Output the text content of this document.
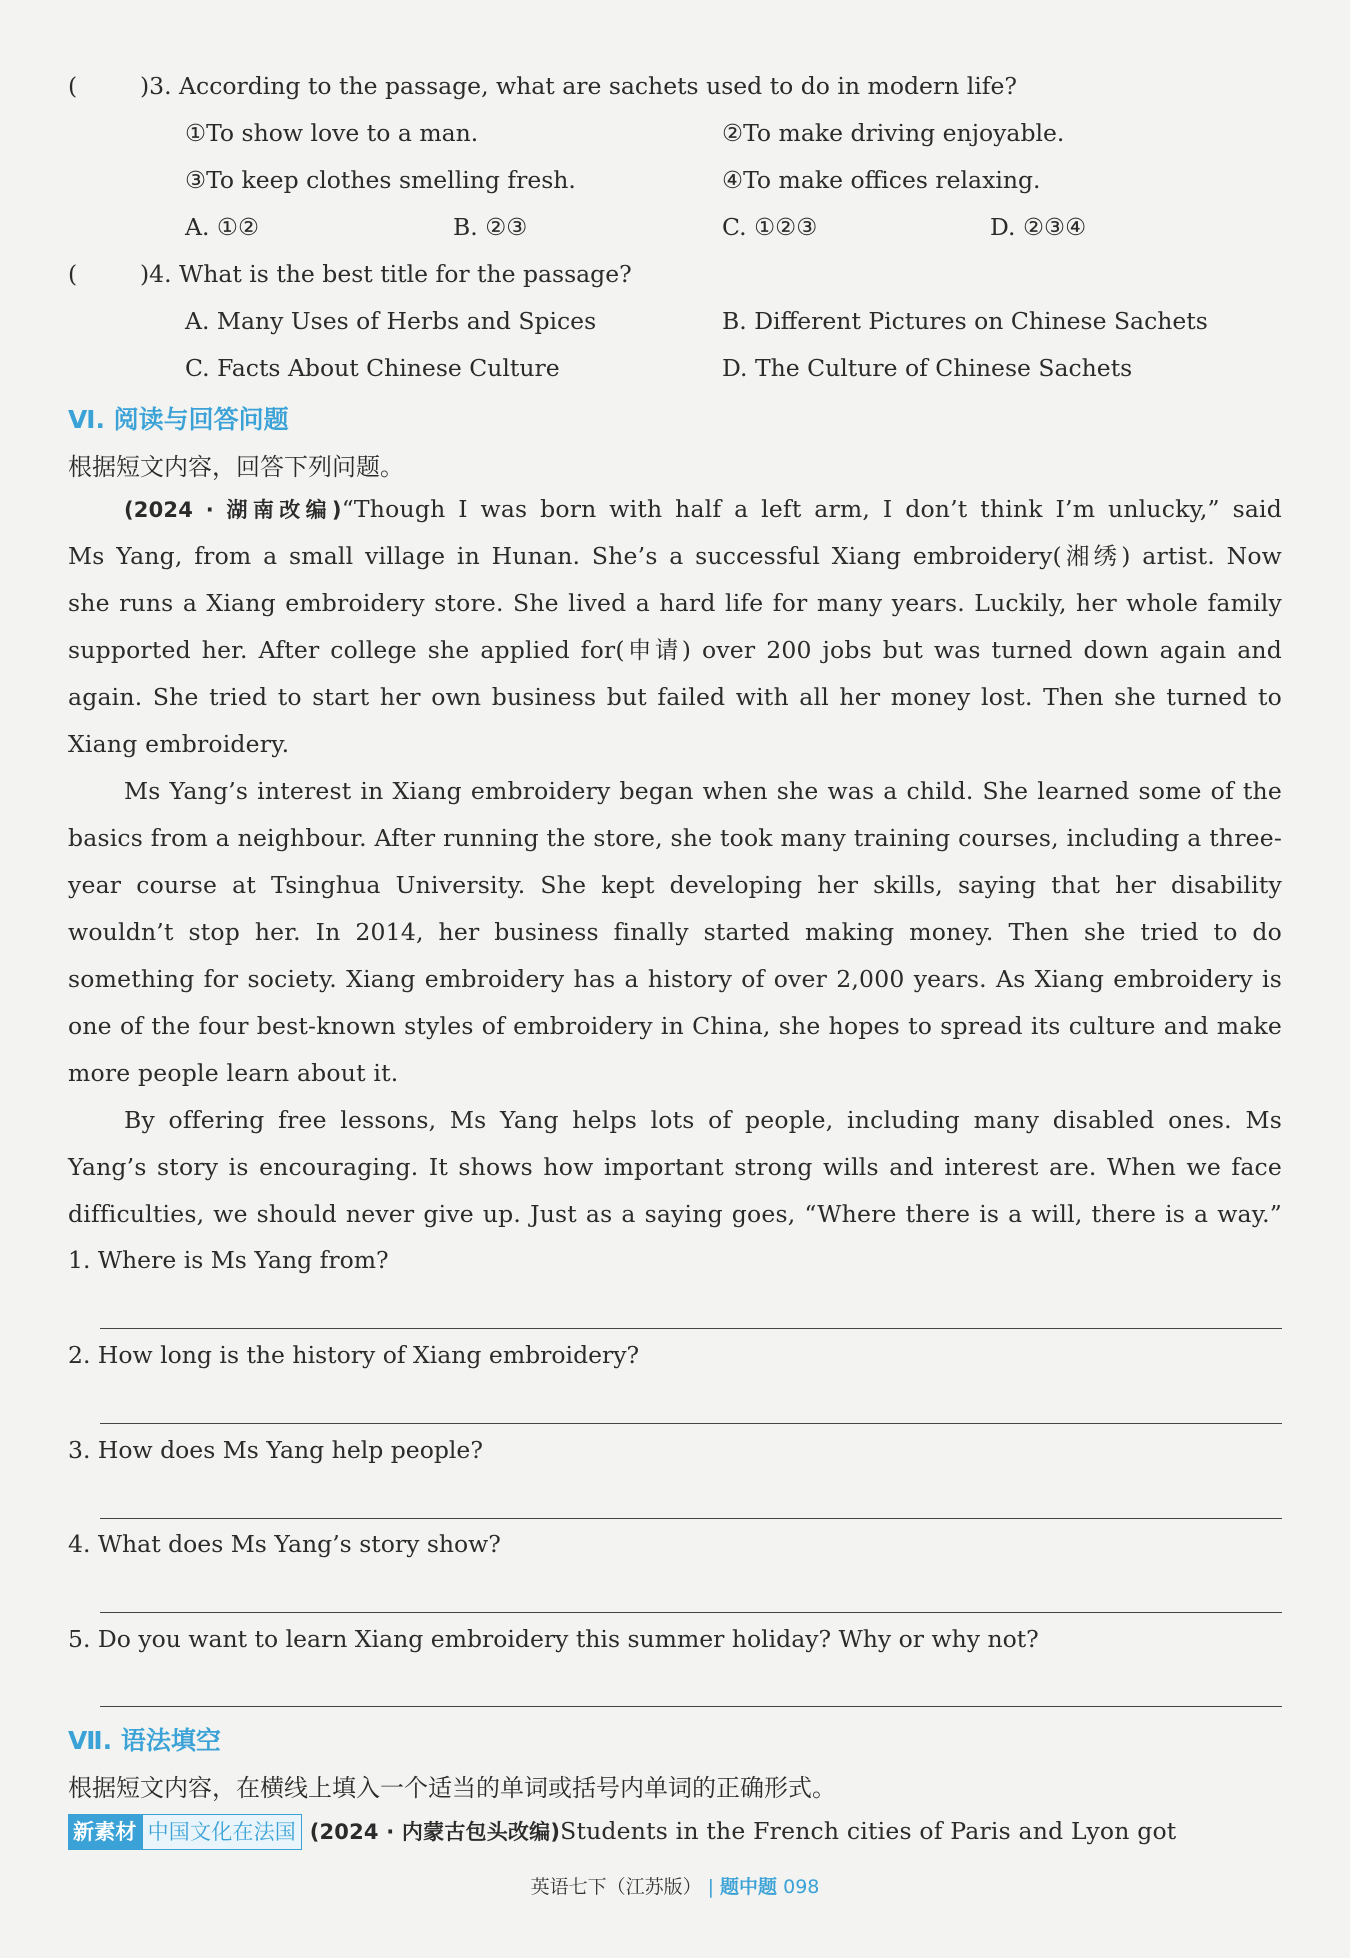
(	)3. According to the passage, what are sachets used to do in modern life?
①To show love to a man.	②To make driving enjoyable.
③To keep clothes smelling fresh.	④To make offices relaxing.
A. ①②	B. ②③	C. ①②③	D. ②③④
(	)4. What is the best title for the passage?
A. Many Uses of Herbs and Spices	B. Different Pictures on Chinese Sachets
C. Facts About Chinese Culture	D. The Culture of Chinese Sachets
Ⅵ. 阅读与回答问题
根据短文内容，回答下列问题。
(2024 · 湖南改编)“Though I was born with half a left arm, I don’t think I’m unlucky,” said
Ms Yang, from a small village in Hunan. She’s a successful Xiang embroidery(湘绣) artist. Now
she runs a Xiang embroidery store. She lived a hard life for many years. Luckily, her whole family
supported her. After college she applied for(申请) over 200 jobs but was turned down again and
again. She tried to start her own business but failed with all her money lost. Then she turned to
Xiang embroidery.
Ms Yang’s interest in Xiang embroidery began when she was a child. She learned some of the
basics from a neighbour. After running the store, she took many training courses, including a three-
year course at Tsinghua University. She kept developing her skills, saying that her disability
wouldn’t stop her. In 2014, her business finally started making money. Then she tried to do
something for society. Xiang embroidery has a history of over 2,000 years. As Xiang embroidery is
one of the four best-known styles of embroidery in China, she hopes to spread its culture and make
more people learn about it.
By offering free lessons, Ms Yang helps lots of people, including many disabled ones. Ms
Yang’s story is encouraging. It shows how important strong wills and interest are. When we face
difficulties, we should never give up. Just as a saying goes, “Where there is a will, there is a way.”
1. Where is Ms Yang from?
2. How long is the history of Xiang embroidery?
3. How does Ms Yang help people?
4. What does Ms Yang’s story show?
5. Do you want to learn Xiang embroidery this summer holiday? Why or why not?
Ⅶ. 语法填空
根据短文内容，在横线上填入一个适当的单词或括号内单词的正确形式。
新素材 中国文化在法国 (2024 · 内蒙古包头改编)Students in the French cities of Paris and Lyon got
英语七下（江苏版） | 题中题 098
